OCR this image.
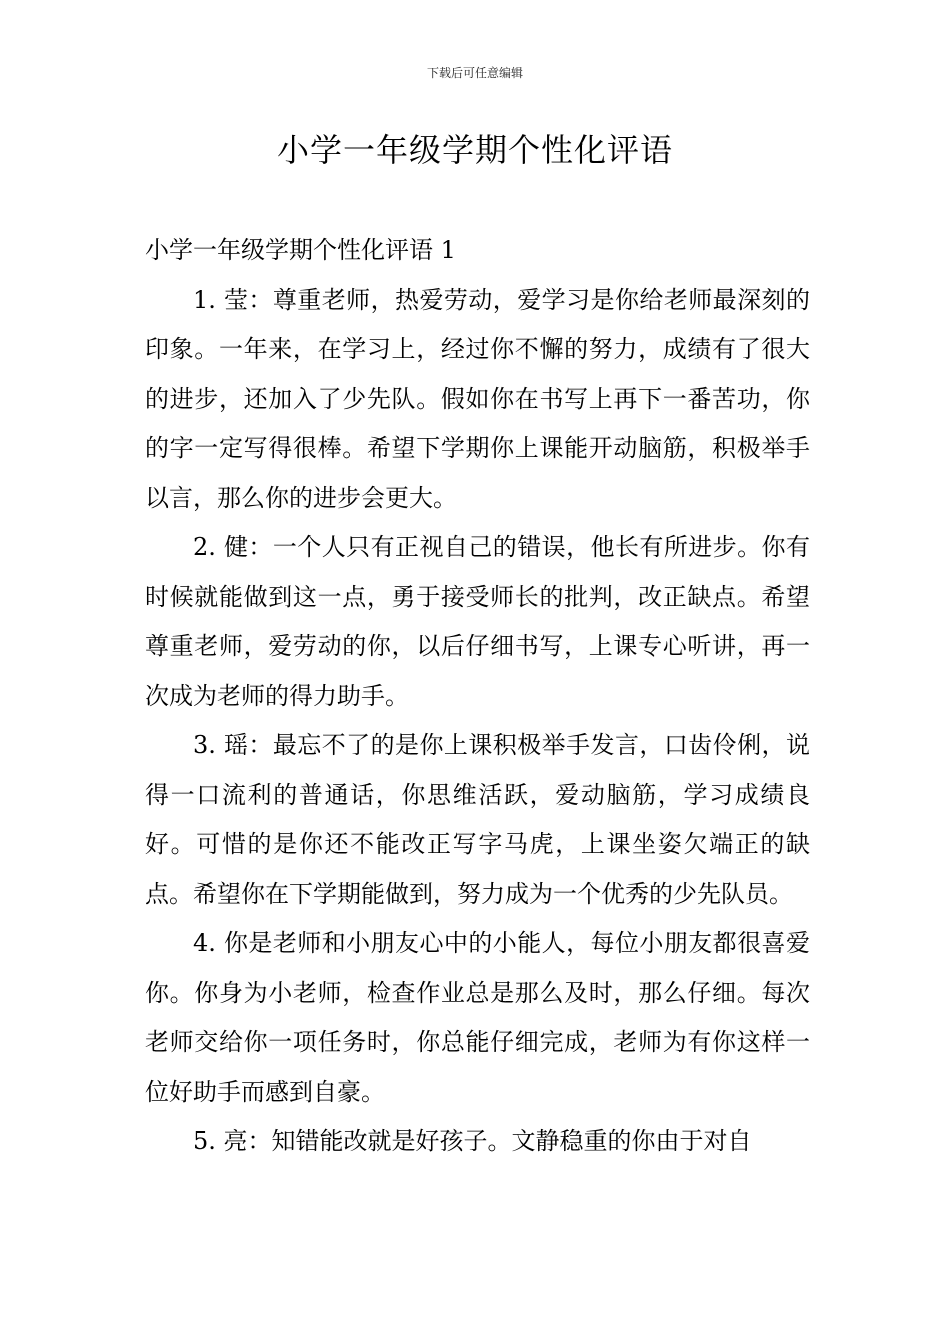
下载后可任意编辑
小学一年级学期个性化评语

小学一年级学期个性化评语 1

1. 莹：尊重老师，热爱劳动，爱学习是你给老师最深刻的印象。一年来，在学习上，经过你不懈的努力，成绩有了很大的进步，还加入了少先队。假如你在书写上再下一番苦功，你的字一定写得很棒。希望下学期你上课能开动脑筋，积极举手以言，那么你的进步会更大。

2. 健：一个人只有正视自己的错误，他长有所进步。你有时候就能做到这一点，勇于接受师长的批判，改正缺点。希望尊重老师，爱劳动的你，以后仔细书写，上课专心听讲，再一次成为老师的得力助手。

3. 瑶：最忘不了的是你上课积极举手发言，口齿伶俐，说得一口流利的普通话，你思维活跃，爱动脑筋，学习成绩良好。可惜的是你还不能改正写字马虎，上课坐姿欠端正的缺点。希望你在下学期能做到，努力成为一个优秀的少先队员。

4. 你是老师和小朋友心中的小能人，每位小朋友都很喜爱你。你身为小老师，检查作业总是那么及时，那么仔细。每次老师交给你一项任务时，你总能仔细完成，老师为有你这样一位好助手而感到自豪。

5. 亮：知错能改就是好孩子。文静稳重的你由于对自
